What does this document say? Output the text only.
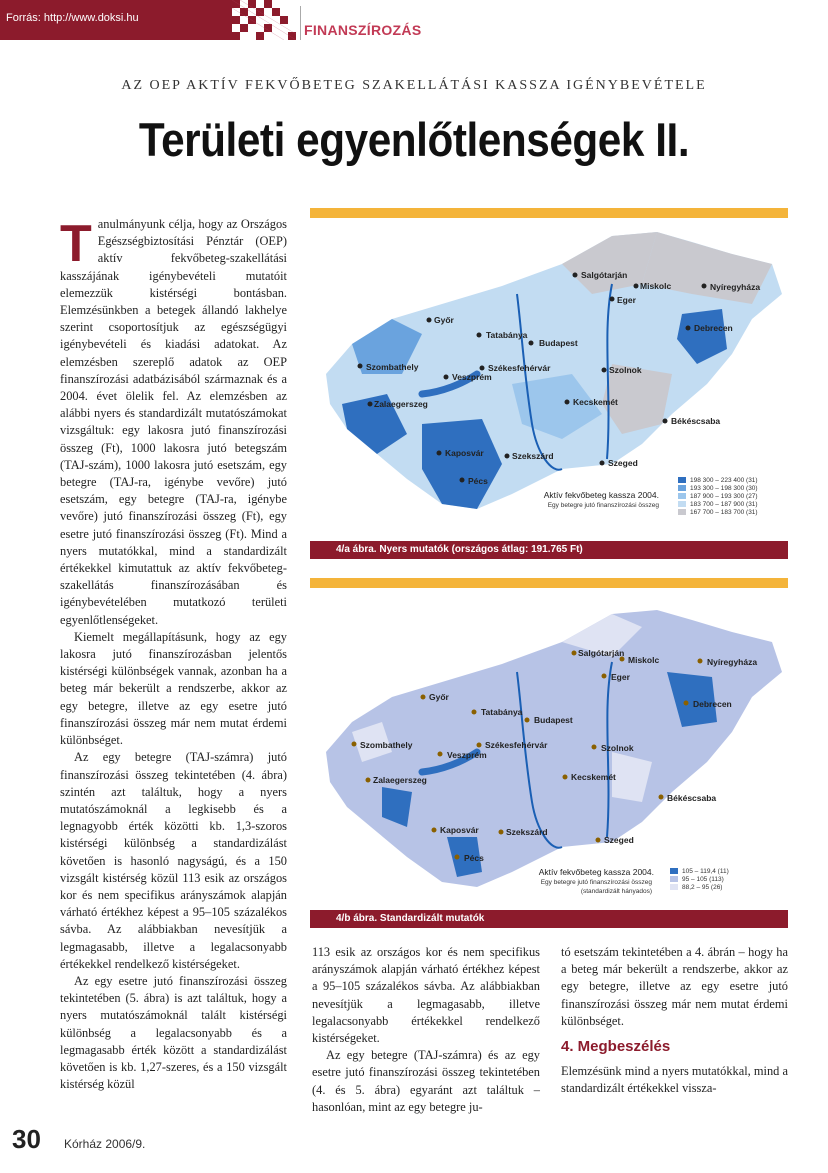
Forrás: http://www.doksi.hu
FINANSZÍROZÁS
AZ OEP AKTÍV FEKVŐBETEG SZAKELLÁTÁSI KASSZA IGÉNYBEVÉTELE
Területi egyenlőtlenségek II.
T anulmányunk célja, hogy az Országos Egészségbiztosítási Pénztár (OEP) aktív fekvőbeteg-szakellátási kasszájának igénybevételi mutatóit elemezzük kistérségi bontásban. Elemzésünkben a betegek állandó lakhelye szerint csoportosítjuk az egészségügyi igénybevételi és kiadási adatokat. Az elemzésben szereplő adatok az OEP finanszírozási adatbázisából származnak és a 2004. évet ölelik fel. Az elemzésben az alábbi nyers és standardizált mutatószámokat vizsgáltuk: egy lakosra jutó finanszírozási összeg (Ft), 1000 lakosra jutó betegszám (TAJ-szám), 1000 lakosra jutó esetszám, egy betegre (TAJ-ra, igénybe vevőre) jutó esetszám, egy betegre (TAJ-ra, igénybe vevőre) jutó finanszírozási összeg (Ft), egy esetre jutó finanszírozási összeg (Ft). Mind a nyers mutatókkal, mind a standardizált értékekkel kimutattuk az aktív fekvőbeteg-szakellátás finanszírozásában és igénybevételében mutatkozó területi egyenlőtlenségeket.

Kiemelt megállapításunk, hogy az egy lakosra jutó finanszírozásban jelentős kistérségi különbségek vannak, azonban ha a beteg már bekerült a rendszerbe, akkor az egy betegre, illetve az egy esetre jutó finanszírozási összeg már nem mutat érdemi különbséget.

Az egy betegre (TAJ-számra) jutó finanszírozási összeg tekintetében (4. ábra) szintén azt találtuk, hogy a nyers mutatószámoknál a legkisebb és a legnagyobb érték közötti kb. 1,3-szoros kistérségi különbség a standardizálást követően is hasonló nagyságú, és a 150 vizsgált kistérség közül 113 esik az országos kor és nem specifikus arányszámok alapján várható értékhez képest a 95–105 százalékos sávba. Az alábbiakban nevesítjük a legmagasabb, illetve a legalacsonyabb értékekkel rendelkező kistérségeket.

Az egy esetre jutó finanszírozási összeg tekintetében (5. ábra) is azt találtuk, hogy a nyers mutatószámoknál talált kistérségi különbség a legalacsonyabb és a legmagasabb érték között a standardizálást követően is kb. 1,27-szeres, és a 150 vizsgált kistérség közül

Salgótarján
Miskolc
Eger
Nyíregyháza
Győr
Tatabánya
Budapest
Debrecen
Szombathely
Veszprém
Székesfehérvár	Szolnok
Zalaegerszeg	Kecskemét
Békéscsaba
Kaposvár	Szekszárd
Szeged
Pécs
Aktív fekvőbeteg kassza 2004.
Egy betegre jutó finanszírozási összeg
198 300 – 223 400 (31)
193 300 – 198 300 (30)
187 900 – 193 300 (27)
183 700 – 187 900 (31)
167 700 – 183 700 (31)
4/a ábra. Nyers mutatók (országos átlag: 191.765 Ft)
Salgótarján
Miskolc
Eger
Nyíregyháza
Győr
Tatabánya
Budapest
Debrecen
Szombathely
Veszprém
Székesfehérvár	Szolnok
Zalaegerszeg	Kecskemét
Békéscsaba
Kaposvár	Szekszárd
Szeged
Pécs
Aktív fekvőbeteg kassza 2004.
Egy betegre jutó finanszírozási összeg
(standardizált hányados)
105 – 119,4 (11)
95 – 105 (113)
88,2 – 95 (26)
4/b ábra. Standardizált mutatók

113 esik az országos kor és nem specifikus arányszámok alapján várható értékhez képest a 95–105 százalékos sávba. Az alábbiakban nevesítjük a legmagasabb, illetve legalacsonyabb értékekkel rendelkező kistérségeket.

Az egy betegre (TAJ-számra) és az egy esetre jutó finanszírozási összeg tekintetében (4. és 5. ábra) egyaránt azt találtuk – hasonlóan, mint az egy betegre ju-

tó esetszám tekintetében a 4. ábrán – hogy ha a beteg már bekerült a rendszerbe, akkor az egy betegre, illetve az egy esetre jutó finanszírozási összeg már nem mutat érdemi különbséget.

4. Megbeszélés

Elemzésünk mind a nyers mutatókkal, mind a standardizált értékekkel vissza-

30 Kórház 2006/9.
